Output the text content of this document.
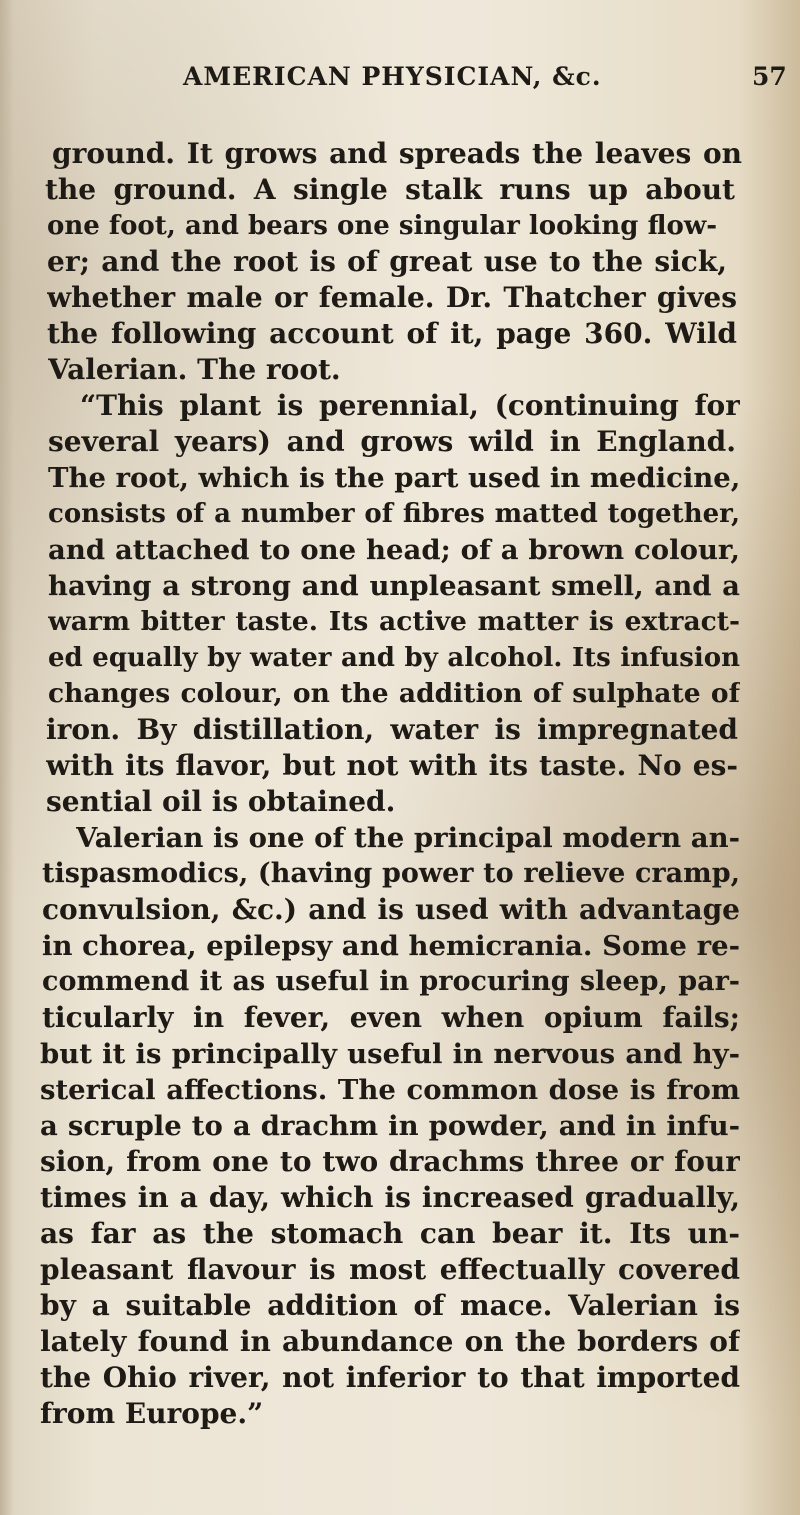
AMERICAN PHYSICIAN, &c.	57
ground. It grows and spreads the leaves on
the ground. A single stalk runs up about
one foot, and bears one singular looking flow-
er; and the root is of great use to the sick,
whether male or female. Dr. Thatcher gives
the following account of it, page 360. Wild
Valerian. The root.
“This plant is perennial, (continuing for
several years) and grows wild in England.
The root, which is the part used in medicine,
consists of a number of fibres matted together,
and attached to one head; of a brown colour,
having a strong and unpleasant smell, and a
warm bitter taste. Its active matter is extract-
ed equally by water and by alcohol. Its infusion
changes colour, on the addition of sulphate of
iron. By distillation, water is impregnated
with its flavor, but not with its taste. No es-
sential oil is obtained.
Valerian is one of the principal modern an-
tispasmodics, (having power to relieve cramp,
convulsion, &c.) and is used with advantage
in chorea, epilepsy and hemicrania. Some re-
commend it as useful in procuring sleep, par-
ticularly in fever, even when opium fails;
but it is principally useful in nervous and hy-
sterical affections. The common dose is from
a scruple to a drachm in powder, and in infu-
sion, from one to two drachms three or four
times in a day, which is increased gradually,
as far as the stomach can bear it. Its un-
pleasant flavour is most effectually covered
by a suitable addition of mace. Valerian is
lately found in abundance on the borders of
the Ohio river, not inferior to that imported
from Europe.”
